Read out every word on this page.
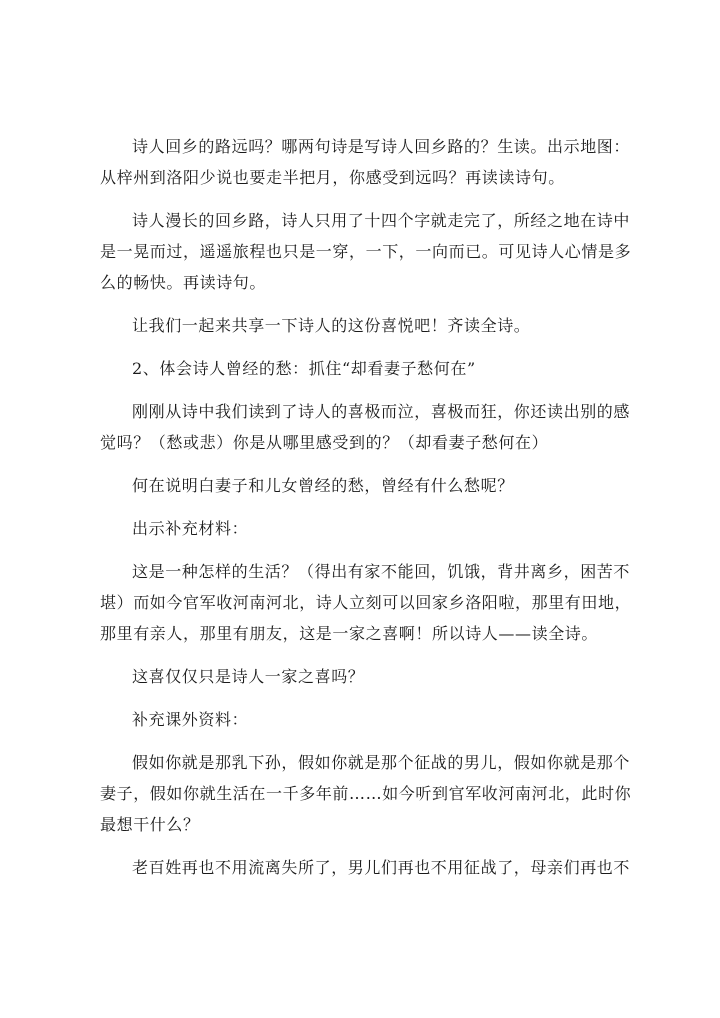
诗人回乡的路远吗？哪两句诗是写诗人回乡路的？生读。出示地图：
从梓州到洛阳少说也要走半把月，你感受到远吗？再读读诗句。
诗人漫长的回乡路，诗人只用了十四个字就走完了，所经之地在诗中
是一晃而过，遥遥旅程也只是一穿，一下，一向而已。可见诗人心情是多
么的畅快。再读诗句。
让我们一起来共享一下诗人的这份喜悦吧！齐读全诗。
2、体会诗人曾经的愁：抓住“却看妻子愁何在”
刚刚从诗中我们读到了诗人的喜极而泣，喜极而狂，你还读出别的感
觉吗？（愁或悲）你是从哪里感受到的？（却看妻子愁何在）
何在说明白妻子和儿女曾经的愁，曾经有什么愁呢？
出示补充材料：
这是一种怎样的生活？（得出有家不能回，饥饿，背井离乡，困苦不
堪）而如今官军收河南河北，诗人立刻可以回家乡洛阳啦，那里有田地，
那里有亲人，那里有朋友，这是一家之喜啊！所以诗人——读全诗。
这喜仅仅只是诗人一家之喜吗？
补充课外资料：
假如你就是那乳下孙，假如你就是那个征战的男儿，假如你就是那个
妻子，假如你就生活在一千多年前……如今听到官军收河南河北，此时你
最想干什么？
老百姓再也不用流离失所了，男儿们再也不用征战了，母亲们再也不
